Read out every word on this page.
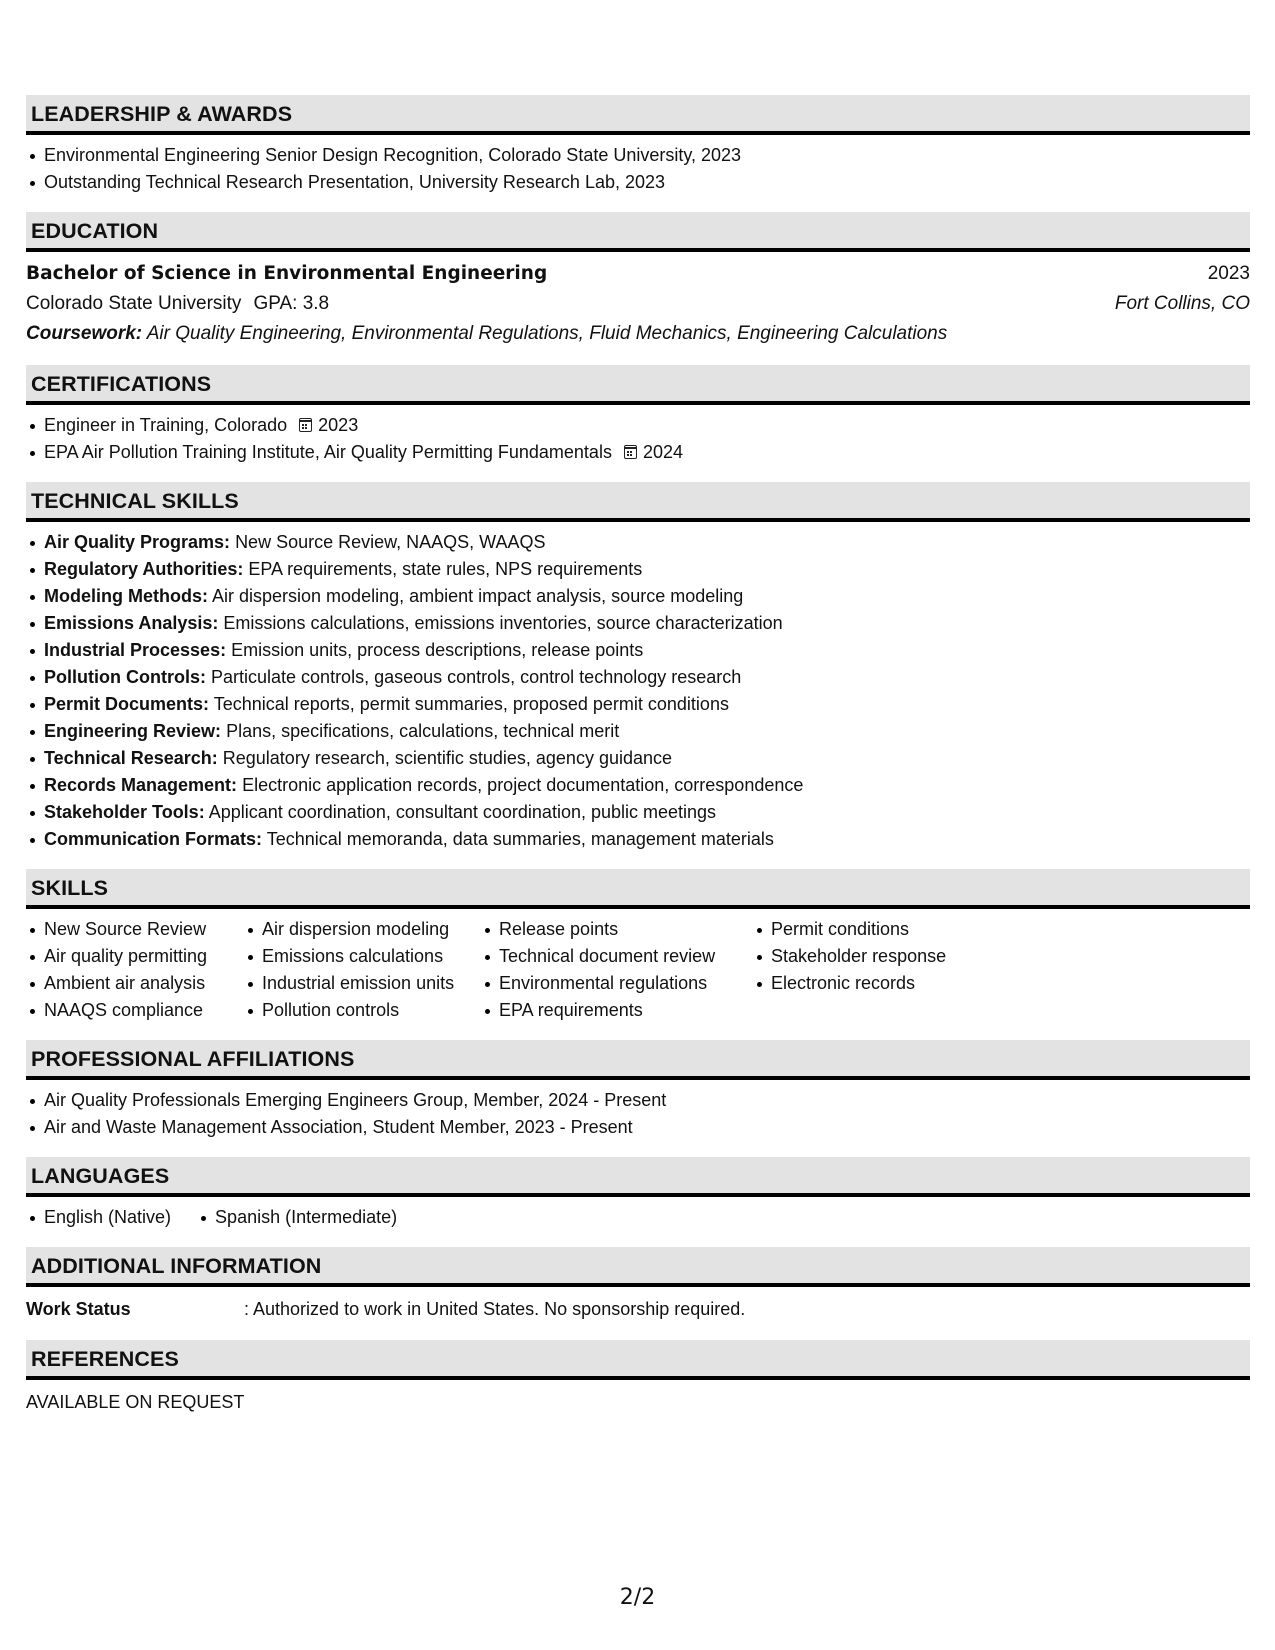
LEADERSHIP & AWARDS
Environmental Engineering Senior Design Recognition, Colorado State University, 2023
Outstanding Technical Research Presentation, University Research Lab, 2023
EDUCATION
Bachelor of Science in Environmental Engineering	2023
Colorado State University GPA: 3.8	Fort Collins, CO
Coursework: Air Quality Engineering, Environmental Regulations, Fluid Mechanics, Engineering Calculations
CERTIFICATIONS
Engineer in Training, Colorado 2023
EPA Air Pollution Training Institute, Air Quality Permitting Fundamentals 2024
TECHNICAL SKILLS
Air Quality Programs: New Source Review, NAAQS, WAAQS
Regulatory Authorities: EPA requirements, state rules, NPS requirements
Modeling Methods: Air dispersion modeling, ambient impact analysis, source modeling
Emissions Analysis: Emissions calculations, emissions inventories, source characterization
Industrial Processes: Emission units, process descriptions, release points
Pollution Controls: Particulate controls, gaseous controls, control technology research
Permit Documents: Technical reports, permit summaries, proposed permit conditions
Engineering Review: Plans, specifications, calculations, technical merit
Technical Research: Regulatory research, scientific studies, agency guidance
Records Management: Electronic application records, project documentation, correspondence
Stakeholder Tools: Applicant coordination, consultant coordination, public meetings
Communication Formats: Technical memoranda, data summaries, management materials
SKILLS
New Source Review
Air quality permitting
Ambient air analysis
NAAQS compliance
Air dispersion modeling
Emissions calculations
Industrial emission units
Pollution controls
Release points
Technical document review
Environmental regulations
EPA requirements
Permit conditions
Stakeholder response
Electronic records
PROFESSIONAL AFFILIATIONS
Air Quality Professionals Emerging Engineers Group, Member, 2024 - Present
Air and Waste Management Association, Student Member, 2023 - Present
LANGUAGES
English (Native)	Spanish (Intermediate)
ADDITIONAL INFORMATION
Work Status	: Authorized to work in United States. No sponsorship required.
REFERENCES
AVAILABLE ON REQUEST
2/2
